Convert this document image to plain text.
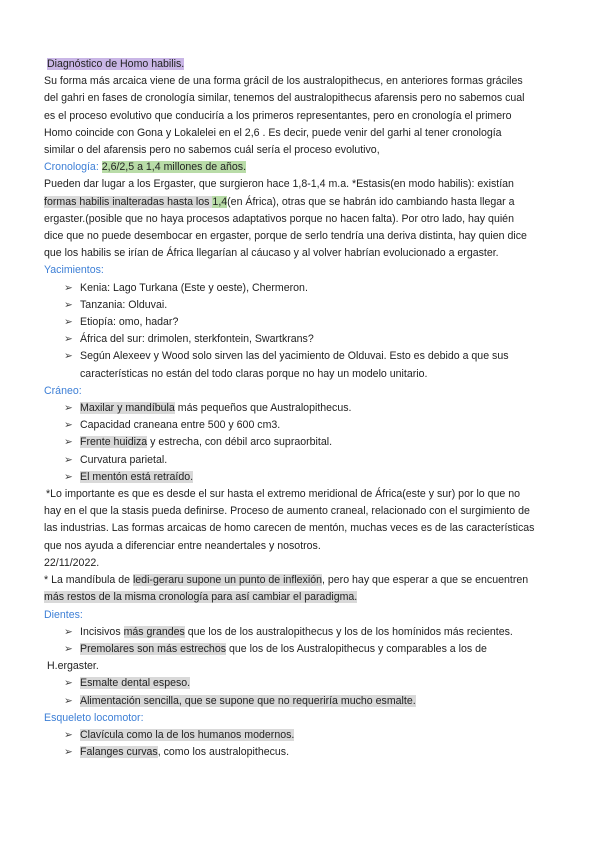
Diagnóstico de Homo habilis.
Su forma más arcaica viene de una forma grácil de los australopithecus, en anteriores formas gráciles
del gahri en fases de cronología similar, tenemos del australopithecus afarensis pero no sabemos cual
es el proceso evolutivo que conduciría a los primeros representantes, pero en cronología el primero
Homo coincide con Gona y Lokalelei en el 2,6 . Es decir, puede venir del garhi al tener cronología
similar o del afarensis pero no sabemos cuál sería el proceso evolutivo,
Cronología: 2,6/2,5 a 1,4 millones de años.
Pueden dar lugar a los Ergaster, que surgieron hace 1,8-1,4 m.a. *Estasis(en modo habilis): existían
formas habilis inalteradas hasta los 1,4(en África), otras que se habrán ido cambiando hasta llegar a
ergaster.(posible que no haya procesos adaptativos porque no hacen falta). Por otro lado, hay quién
dice que no puede desembocar en ergaster, porque de serlo tendría una deriva distinta, hay quien dice
que los habilis se irían de África llegarían al cáucaso y al volver habrían evolucionado a ergaster.
Yacimientos:
➢ Kenia: Lago Turkana (Este y oeste), Chermeron.
➢ Tanzania: Olduvai.
➢ Etiopía: omo, hadar?
➢ África del sur: drimolen, sterkfontein, Swartkrans?
➢ Según Alexeev y Wood solo sirven las del yacimiento de Olduvai. Esto es debido a que sus
características no están del todo claras porque no hay un modelo unitario.
Cráneo:
➢ Maxilar y mandíbula más pequeños que Australopithecus.
➢ Capacidad craneana entre 500 y 600 cm3.
➢ Frente huidiza y estrecha, con débil arco supraorbital.
➢ Curvatura parietal.
➢ El mentón está retraído.
*Lo importante es que es desde el sur hasta el extremo meridional de África(este y sur) por lo que no
hay en el que la stasis pueda definirse. Proceso de aumento craneal, relacionado con el surgimiento de
las industrias. Las formas arcaicas de homo carecen de mentón, muchas veces es de las características
que nos ayuda a diferenciar entre neandertales y nosotros.
22/11/2022.
* La mandíbula de ledi-geraru supone un punto de inflexión, pero hay que esperar a que se encuentren
más restos de la misma cronología para así cambiar el paradigma.
Dientes:
➢ Incisivos más grandes que los de los australopithecus y los de los homínidos más recientes.
➢ Premolares son más estrechos que los de los Australopithecus y comparables a los de
H.ergaster.
➢ Esmalte dental espeso.
➢ Alimentación sencilla, que se supone que no requeriría mucho esmalte.
Esqueleto locomotor:
➢ Clavícula como la de los humanos modernos.
➢ Falanges curvas, como los australopithecus.
